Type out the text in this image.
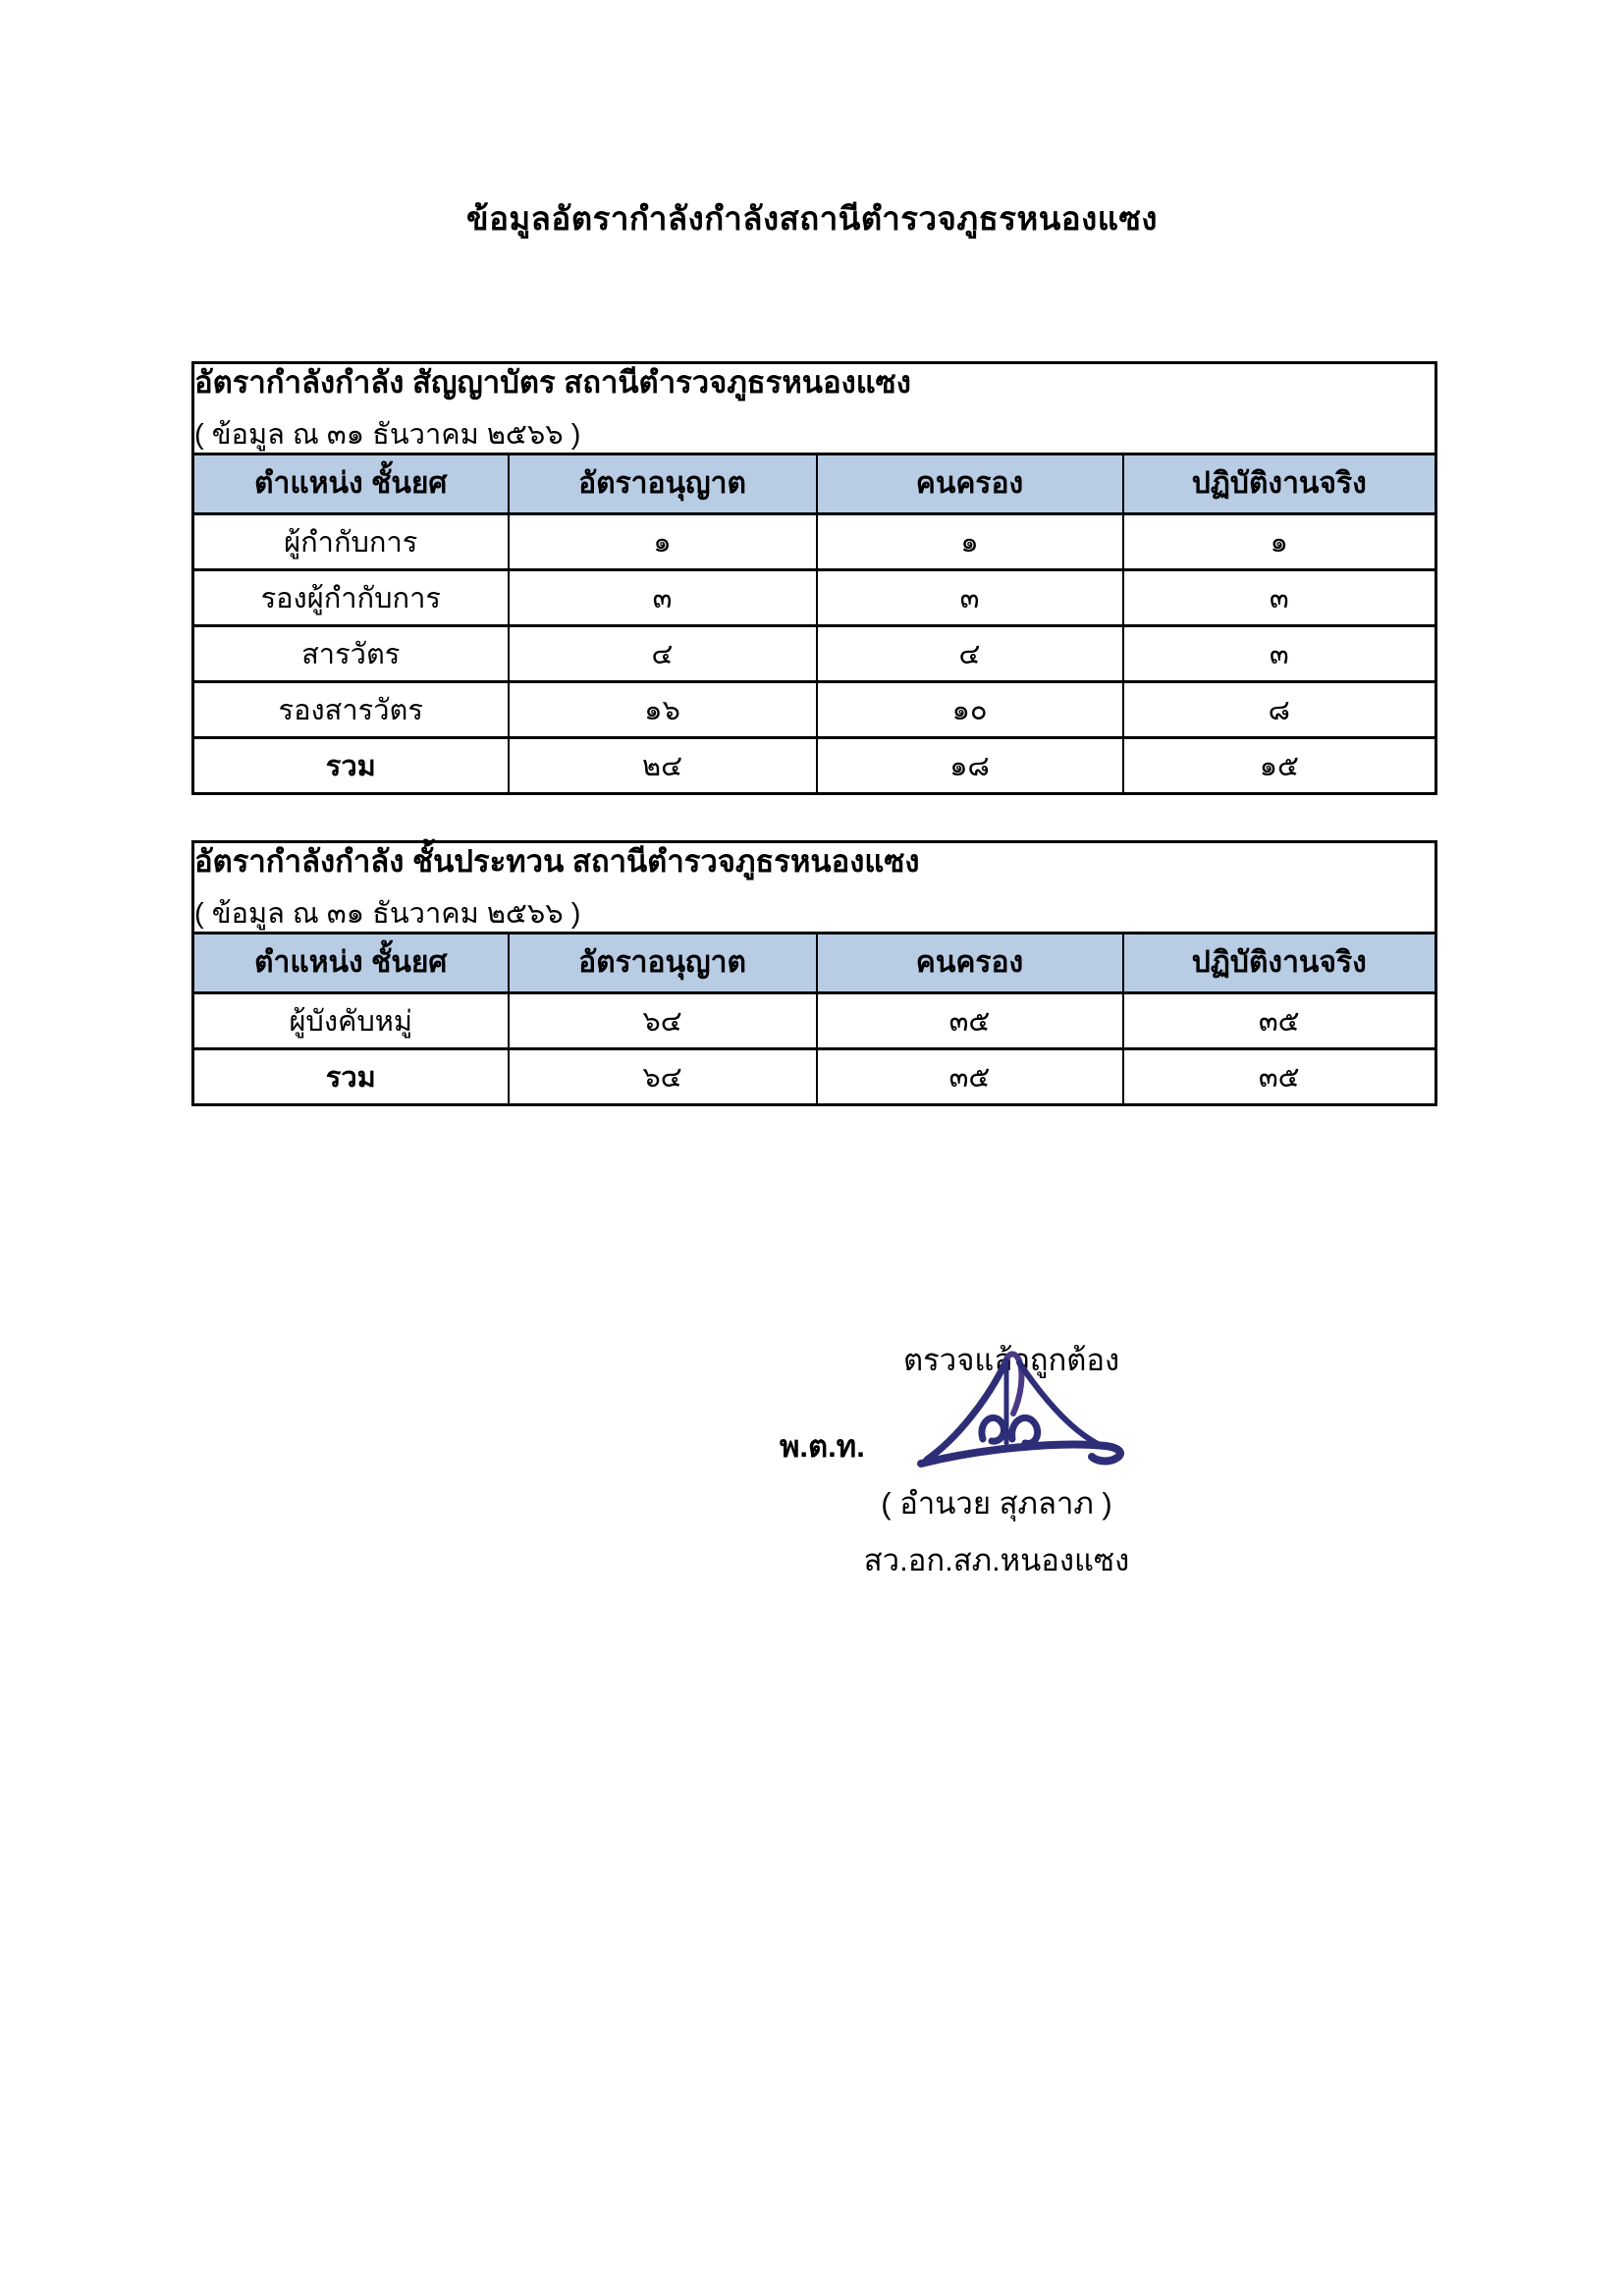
ข้อมูลอัตรากำลังกำลังสถานีตำรวจภูธรหนองแซง
อัตรากำลังกำลัง สัญญาบัตร สถานีตำรวจภูธรหนองแซง
( ข้อมูล ณ ๓๑ ธันวาคม ๒๕๖๖ )			

ตำแหน่ง ชั้นยศ	อัตราอนุญาต	คนครอง	ปฏิบัติงานจริง
ผู้กำกับการ	๑	๑	๑
รองผู้กำกับการ	๓	๓	๓
สารวัตร	๔	๔	๓
รองสารวัตร	๑๖	๑๐	๘
รวม	๒๔	๑๘	๑๕
อัตรากำลังกำลัง ชั้นประทวน สถานีตำรวจภูธรหนองแซง
( ข้อมูล ณ ๓๑ ธันวาคม ๒๕๖๖ )			

ตำแหน่ง ชั้นยศ	อัตราอนุญาต	คนครอง	ปฏิบัติงานจริง
ผู้บังคับหมู่	๖๔	๓๕	๓๕
รวม	๖๔	๓๕	๓๕
ตรวจแล้วถูกต้อง
พ.ต.ท.
( อำนวย สุภลาภ )
สว.อก.สภ.หนองแซง
